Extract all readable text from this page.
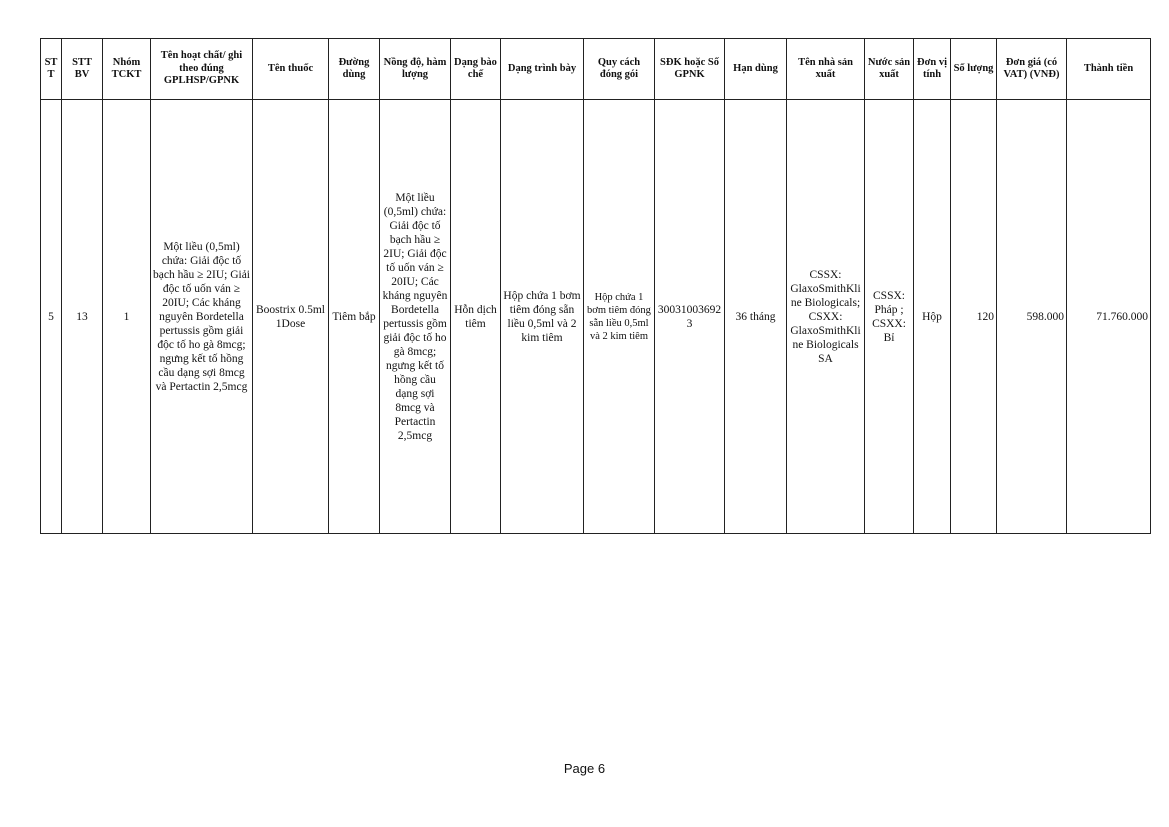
STT	STT BV	Nhóm TCKT	Tên hoạt chất/ ghi theo đúng GPLHSP/GPNK	Tên thuốc	Đường dùng	Nồng độ, hàm lượng	Dạng bào chế	Dạng trình bày	Quy cách đóng gói	SĐK hoặc Số GPNK	Hạn dùng	Tên nhà sản xuất	Nước sản xuất	Đơn vị tính	Số lượng	Đơn giá (có VAT) (VNĐ)	Thành tiền
5	13	1	Một liều (0,5ml) chứa: Giải độc tố bạch hầu ≥ 2IU; Giải độc tố uốn ván ≥ 20IU; Các kháng nguyên Bordetella pertussis gồm giải độc tố ho gà 8mcg; ngưng kết tố hồng cầu dạng sợi 8mcg và Pertactin 2,5mcg	Boostrix 0.5ml 1Dose	Tiêm bắp	Một liều (0,5ml) chứa: Giải độc tố bạch hầu ≥ 2IU; Giải độc tố uốn ván ≥ 20IU; Các kháng nguyên Bordetella pertussis gồm giải độc tố ho gà 8mcg; ngưng kết tố hồng cầu dạng sợi 8mcg và Pertactin 2,5mcg	Hỗn dịch tiêm	Hộp chứa 1 bơm tiêm đóng sẵn liều 0,5ml và 2 kim tiêm	Hộp chứa 1 bơm tiêm đóng sẵn liều 0,5ml và 2 kim tiêm	300310036923	36 tháng	CSSX: GlaxoSmithKline Biologicals; CSXX: GlaxoSmithKline Biologicals SA	CSSX: Pháp ; CSXX: Bỉ	Hộp	120	598.000	71.760.000
Page 6
